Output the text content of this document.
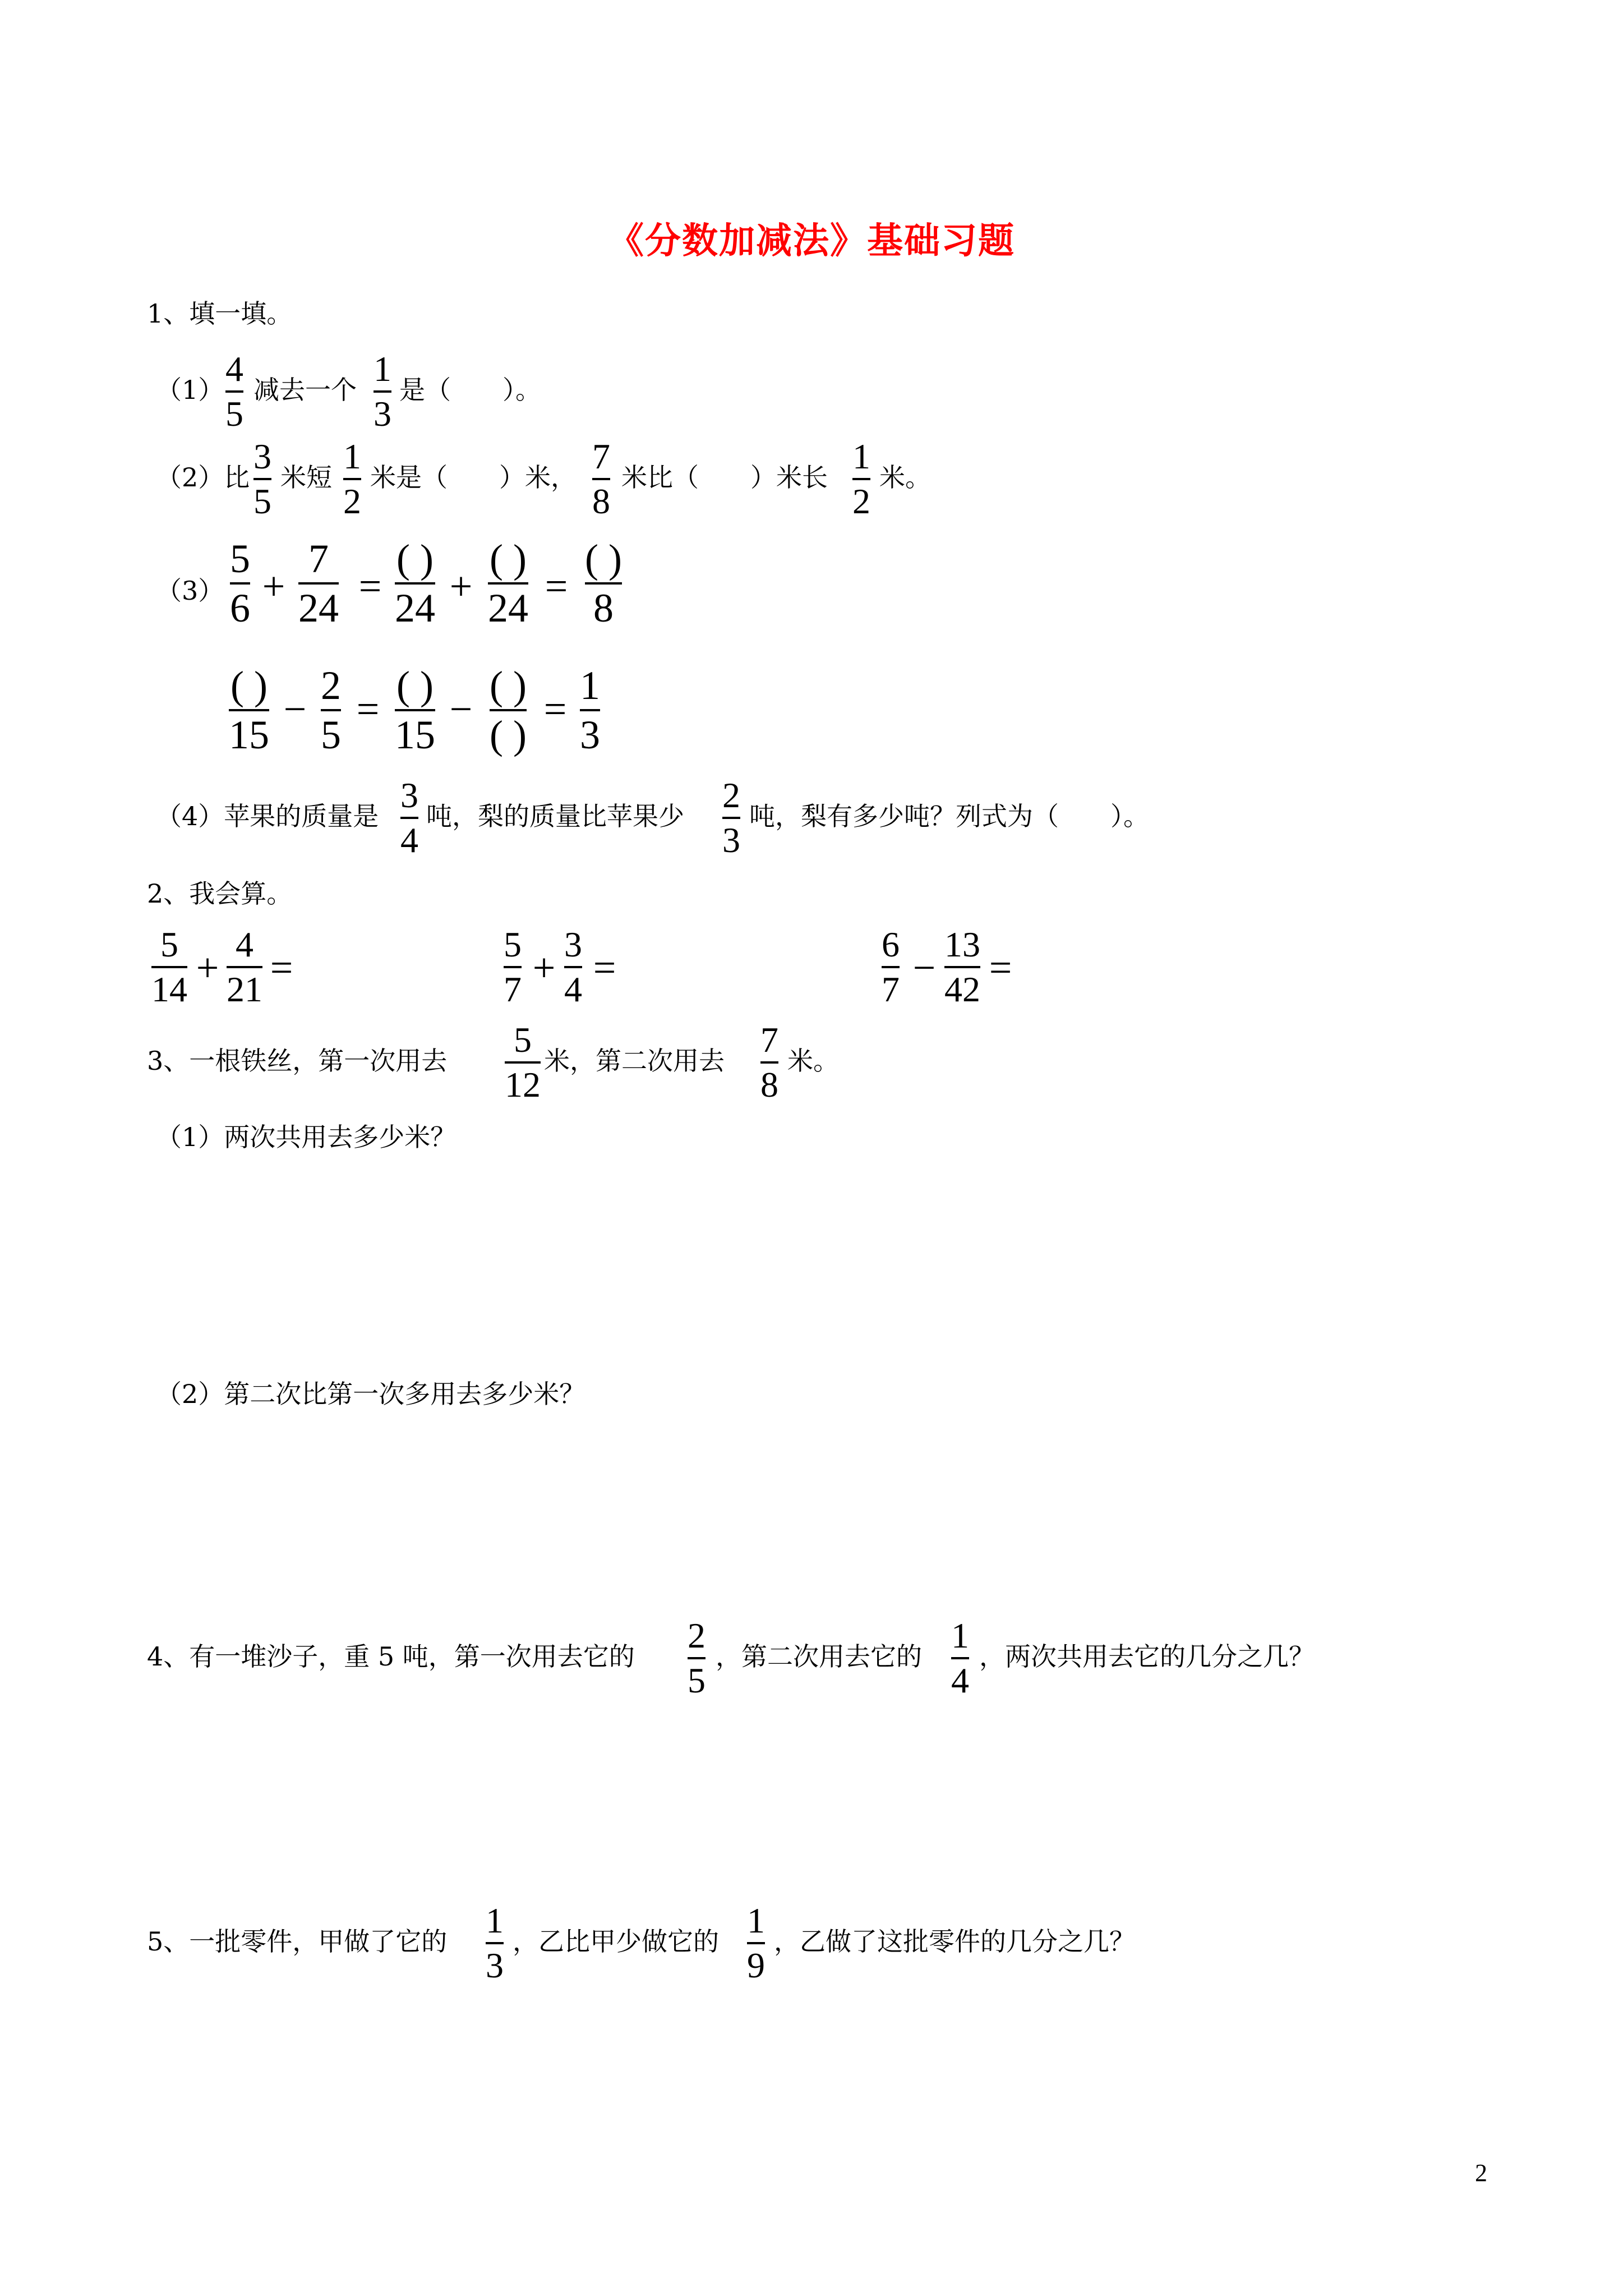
《分数加减法》基础习题
1、填一填。
（1）
4
5
减去一个
1
3
是（　　）。
（2）比
3
5
米短
1
2
米是（　　）米，
7
8
米比（　　）米长
1
2
米。
（3）
5
6 +
7
24 =
( )
24 +
( )
24 =
( )
8
( )
15
−
2
5
=
( )
15
−
( )
( )
=
1
3
（4）苹果的质量是
3
4
吨，梨的质量比苹果少
2
3
吨，梨有多少吨？列式为（　　）。
2、我会算。
5
14 +
4
21 =
5
7 +
3
4 =
6
7 −
13
42 =
3、一根铁丝，第一次用去
5
12
米，第二次用去
7
8
米。
（1）两次共用去多少米？
（2）第二次比第一次多用去多少米？
4、有一堆沙子，重 5 吨，第一次用去它的
2
5
，第二次用去它的
1
4
，两次共用去它的几分之几？
5、一批零件，甲做了它的
1
3
，乙比甲少做它的
1
9
，乙做了这批零件的几分之几？
2
